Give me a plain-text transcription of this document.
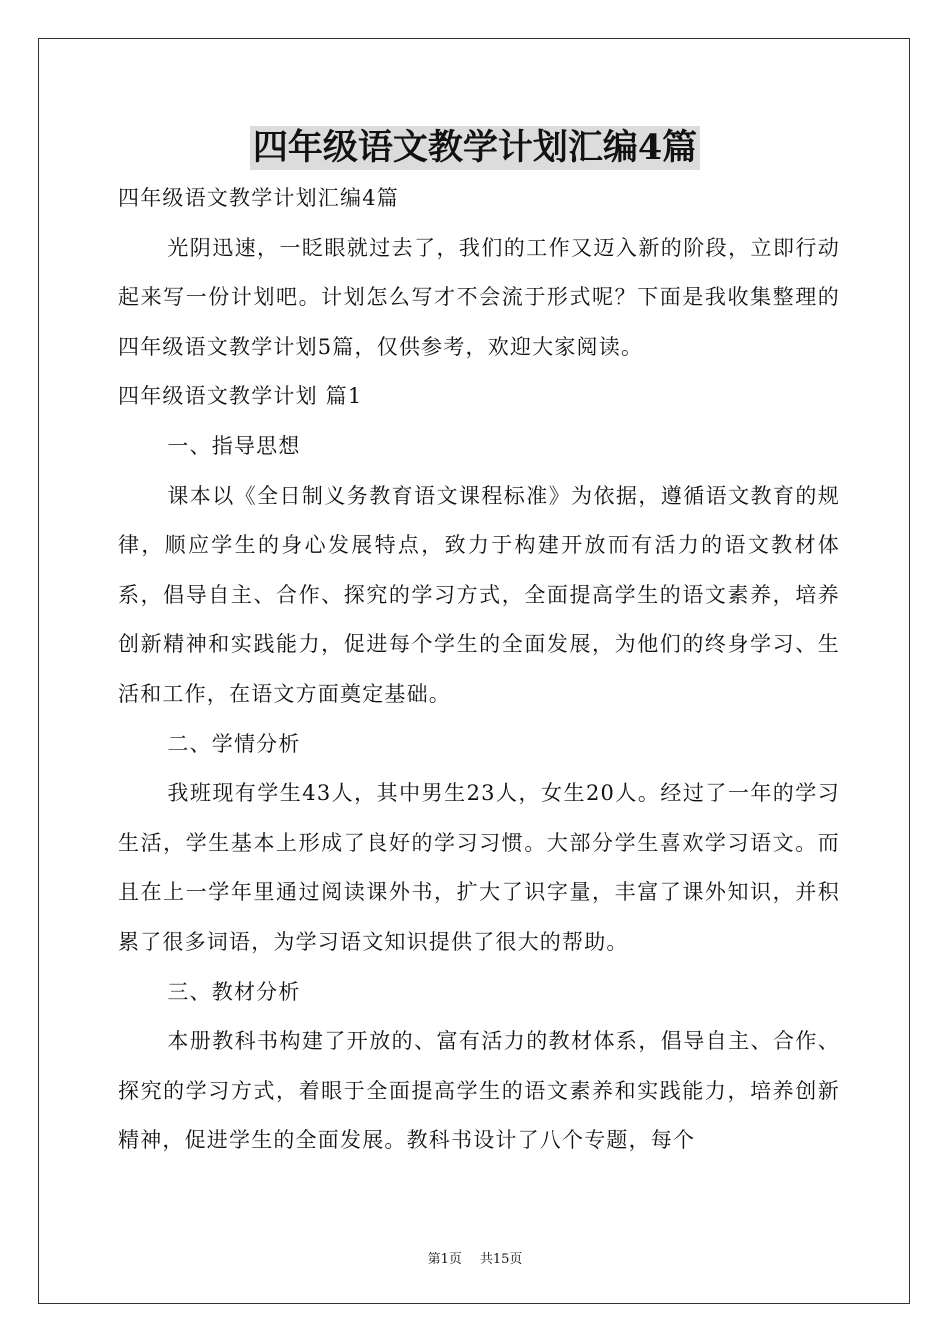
四年级语文教学计划汇编4篇

四年级语文教学计划汇编4篇

光阴迅速，一眨眼就过去了，我们的工作又迈入新的阶段，立即行动起来写一份计划吧。计划怎么写才不会流于形式呢？下面是我收集整理的四年级语文教学计划5篇，仅供参考，欢迎大家阅读。

四年级语文教学计划 篇1

一、指导思想

课本以《全日制义务教育语文课程标准》为依据，遵循语文教育的规律，顺应学生的身心发展特点，致力于构建开放而有活力的语文教材体系，倡导自主、合作、探究的学习方式，全面提高学生的语文素养，培养创新精神和实践能力，促进每个学生的全面发展，为他们的终身学习、生活和工作，在语文方面奠定基础。

二、学情分析

我班现有学生43人，其中男生23人，女生20人。经过了一年的学习生活，学生基本上形成了良好的学习习惯。大部分学生喜欢学习语文。而且在上一学年里通过阅读课外书，扩大了识字量，丰富了课外知识，并积累了很多词语，为学习语文知识提供了很大的帮助。

三、教材分析

本册教科书构建了开放的、富有活力的教材体系，倡导自主、合作、探究的学习方式，着眼于全面提高学生的语文素养和实践能力，培养创新精神，促进学生的全面发展。教科书设计了八个专题，每个

第1页 共15页
